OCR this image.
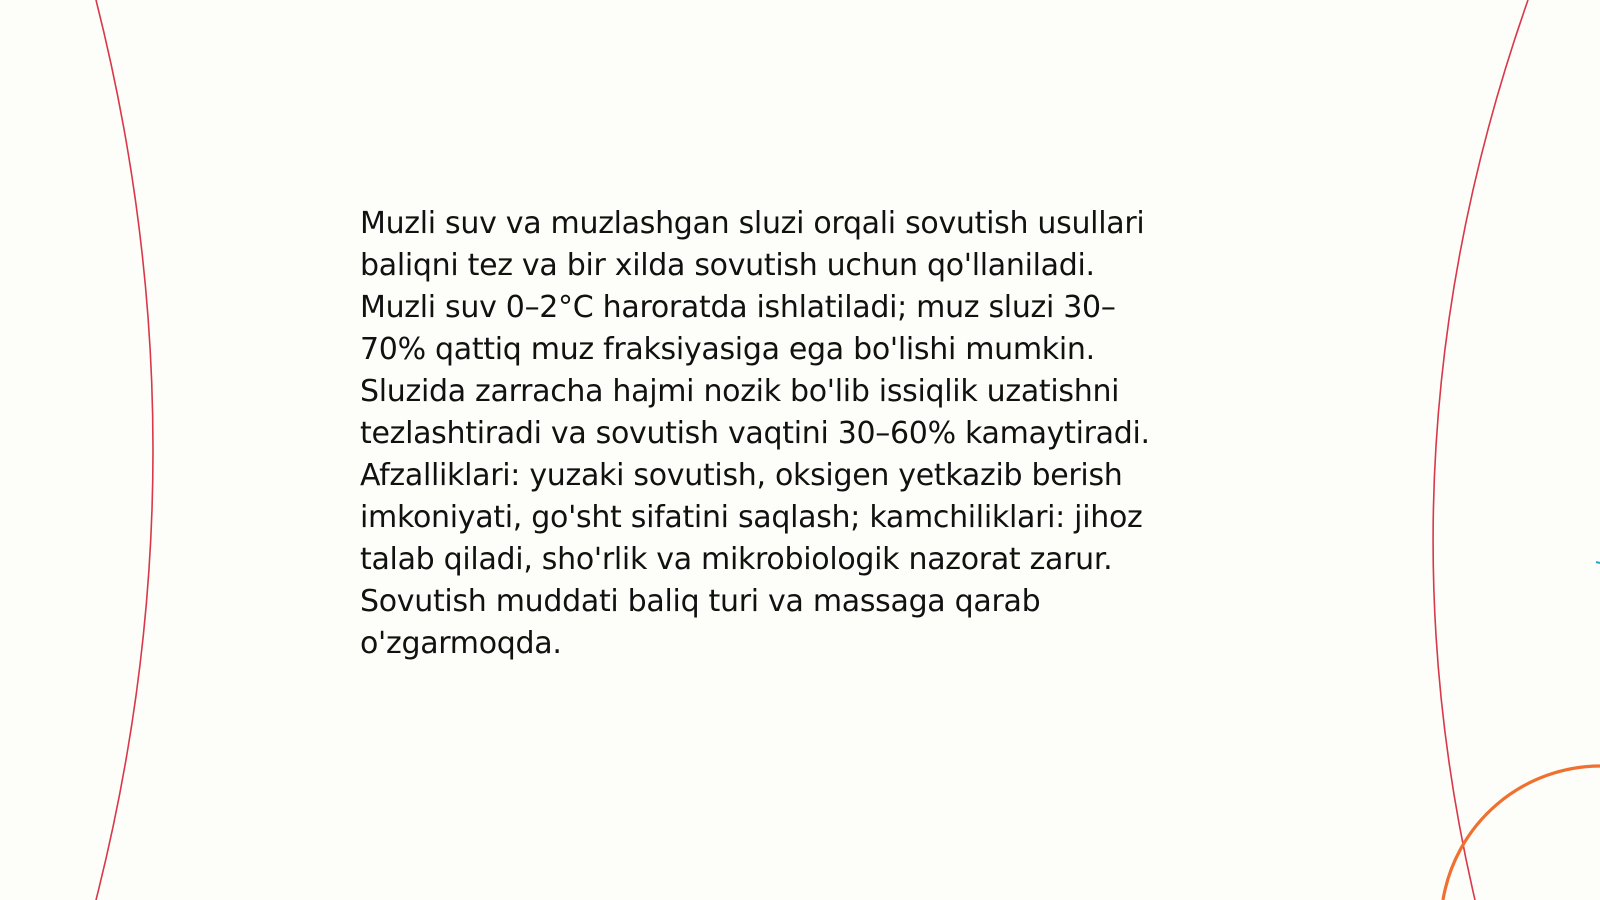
Muzli suv va muzlashgan sluzi orqali sovutish usullari
baliqni tez va bir xilda sovutish uchun qo'llaniladi.
Muzli suv 0–2°C haroratda ishlatiladi; muz sluzi 30–
70% qattiq muz fraksiyasiga ega bo'lishi mumkin.
Sluzida zarracha hajmi nozik bo'lib issiqlik uzatishni
tezlashtiradi va sovutish vaqtini 30–60% kamaytiradi.
Afzalliklari: yuzaki sovutish, oksigen yetkazib berish
imkoniyati, go'sht sifatini saqlash; kamchiliklari: jihoz
talab qiladi, sho'rlik va mikrobiologik nazorat zarur.
Sovutish muddati baliq turi va massaga qarab
o'zgarmoqda.
